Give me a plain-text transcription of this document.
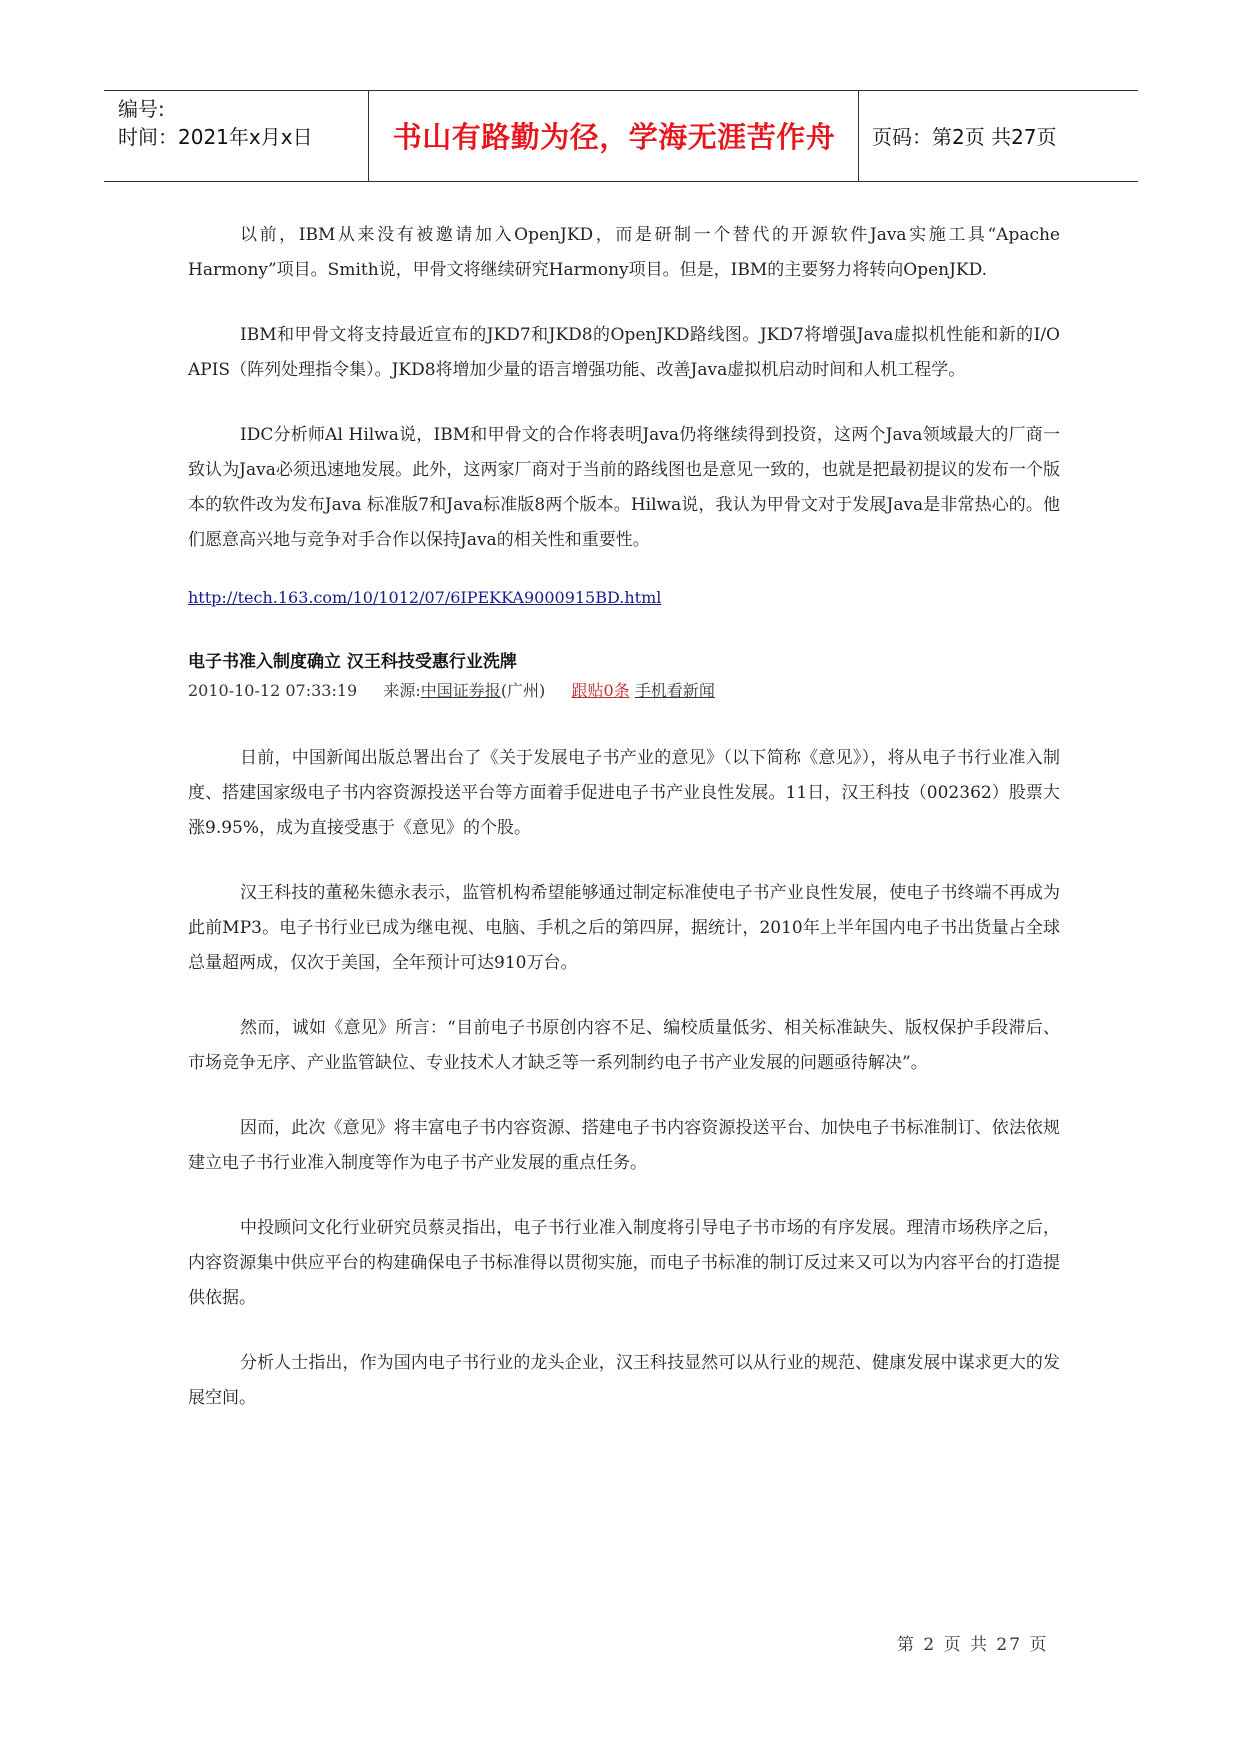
编号:
时间：2021年x月x日	书山有路勤为径，学海无涯苦作舟	页码：第2页 共27页

以前，IBM从来没有被邀请加入OpenJKD，而是研制一个替代的开源软件Java实施工具“Apache Harmony”项目。Smith说，甲骨文将继续研究Harmony项目。但是，IBM的主要努力将转向OpenJKD.

IBM和甲骨文将支持最近宣布的JKD7和JKD8的OpenJKD路线图。JKD7将增强Java虚拟机性能和新的I/O APIS（阵列处理指令集）。JKD8将增加少量的语言增强功能、改善Java虚拟机启动时间和人机工程学。

IDC分析师Al Hilwa说，IBM和甲骨文的合作将表明Java仍将继续得到投资，这两个Java领域最大的厂商一致认为Java必须迅速地发展。此外，这两家厂商对于当前的路线图也是意见一致的，也就是把最初提议的发布一个版本的软件改为发布Java 标准版7和Java标准版8两个版本。Hilwa说，我认为甲骨文对于发展Java是非常热心的。他们愿意高兴地与竞争对手合作以保持Java的相关性和重要性。

http://tech.163.com/10/1012/07/6IPEKKA9000915BD.html
电子书准入制度确立 汉王科技受惠行业洗牌
2010-10-12 07:33:19 来源:中国证券报(广州) 跟贴0条 手机看新闻

日前，中国新闻出版总署出台了《关于发展电子书产业的意见》（以下简称《意见》），将从电子书行业准入制度、搭建国家级电子书内容资源投送平台等方面着手促进电子书产业良性发展。11日，汉王科技（002362）股票大涨9.95%，成为直接受惠于《意见》的个股。

汉王科技的董秘朱德永表示，监管机构希望能够通过制定标准使电子书产业良性发展，使电子书终端不再成为此前MP3。电子书行业已成为继电视、电脑、手机之后的第四屏，据统计，2010年上半年国内电子书出货量占全球总量超两成，仅次于美国，全年预计可达910万台。

然而，诚如《意见》所言：“目前电子书原创内容不足、编校质量低劣、相关标准缺失、版权保护手段滞后、市场竞争无序、产业监管缺位、专业技术人才缺乏等一系列制约电子书产业发展的问题亟待解决”。

因而，此次《意见》将丰富电子书内容资源、搭建电子书内容资源投送平台、加快电子书标准制订、依法依规建立电子书行业准入制度等作为电子书产业发展的重点任务。

中投顾问文化行业研究员蔡灵指出，电子书行业准入制度将引导电子书市场的有序发展。理清市场秩序之后，内容资源集中供应平台的构建确保电子书标准得以贯彻实施，而电子书标准的制订反过来又可以为内容平台的打造提供依据。

分析人士指出，作为国内电子书行业的龙头企业，汉王科技显然可以从行业的规范、健康发展中谋求更大的发展空间。

第 2 页 共 27 页
